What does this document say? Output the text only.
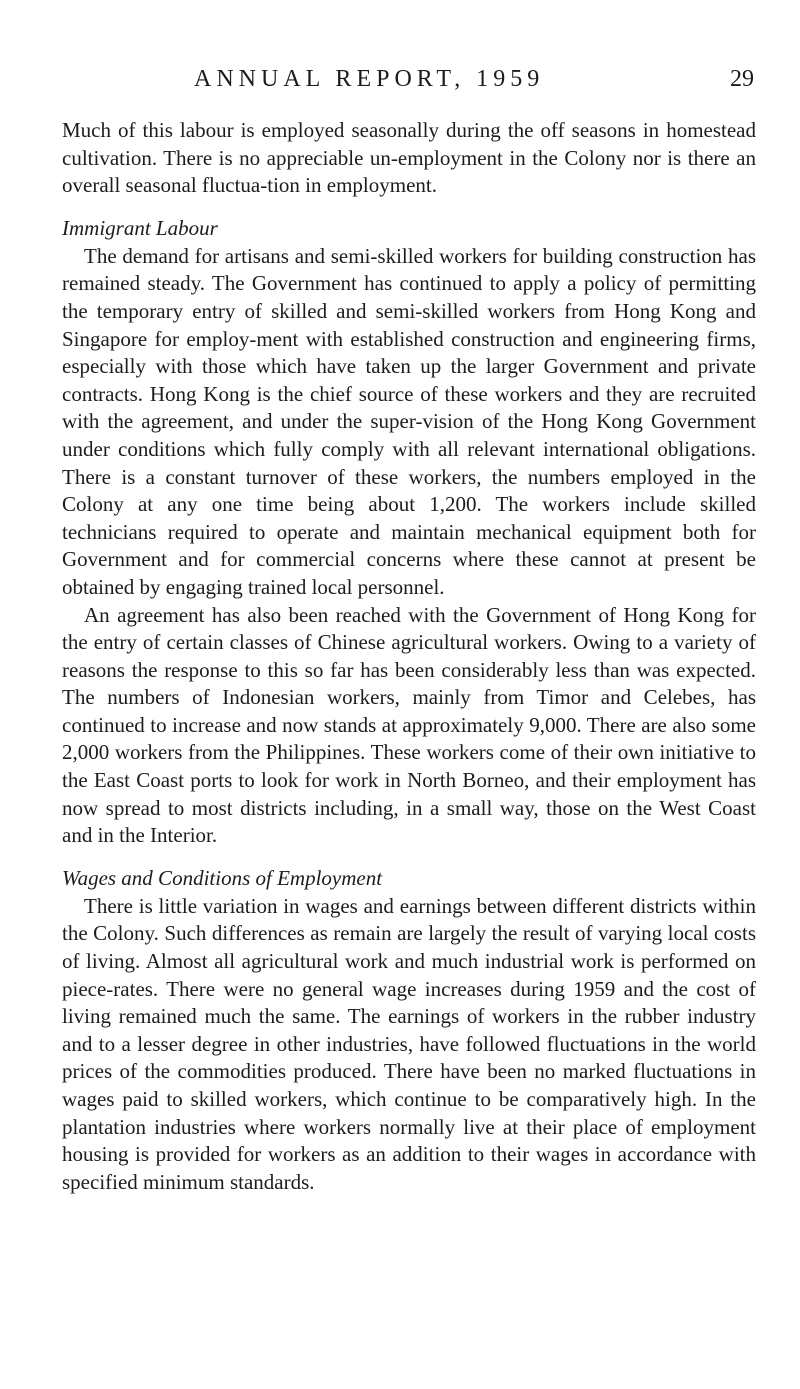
ANNUAL REPORT, 1959	29

Much of this labour is employed seasonally during the off seasons in homestead cultivation. There is no appreciable un-employment in the Colony nor is there an overall seasonal fluctua-tion in employment.

Immigrant Labour

The demand for artisans and semi-skilled workers for building construction has remained steady. The Government has continued to apply a policy of permitting the temporary entry of skilled and semi-skilled workers from Hong Kong and Singapore for employ-ment with established construction and engineering firms, especially with those which have taken up the larger Government and private contracts. Hong Kong is the chief source of these workers and they are recruited with the agreement, and under the super-vision of the Hong Kong Government under conditions which fully comply with all relevant international obligations. There is a constant turnover of these workers, the numbers employed in the Colony at any one time being about 1,200. The workers include skilled technicians required to operate and maintain mechanical equipment both for Government and for commercial concerns where these cannot at present be obtained by engaging trained local personnel.

An agreement has also been reached with the Government of Hong Kong for the entry of certain classes of Chinese agricultural workers. Owing to a variety of reasons the response to this so far has been considerably less than was expected. The numbers of Indonesian workers, mainly from Timor and Celebes, has continued to increase and now stands at approximately 9,000. There are also some 2,000 workers from the Philippines. These workers come of their own initiative to the East Coast ports to look for work in North Borneo, and their employment has now spread to most districts including, in a small way, those on the West Coast and in the Interior.

Wages and Conditions of Employment

There is little variation in wages and earnings between different districts within the Colony. Such differences as remain are largely the result of varying local costs of living. Almost all agricultural work and much industrial work is performed on piece-rates. There were no general wage increases during 1959 and the cost of living remained much the same. The earnings of workers in the rubber industry and to a lesser degree in other industries, have followed fluctuations in the world prices of the commodities produced. There have been no marked fluctuations in wages paid to skilled workers, which continue to be comparatively high. In the plantation industries where workers normally live at their place of employment housing is provided for workers as an addition to their wages in accordance with specified minimum standards.
